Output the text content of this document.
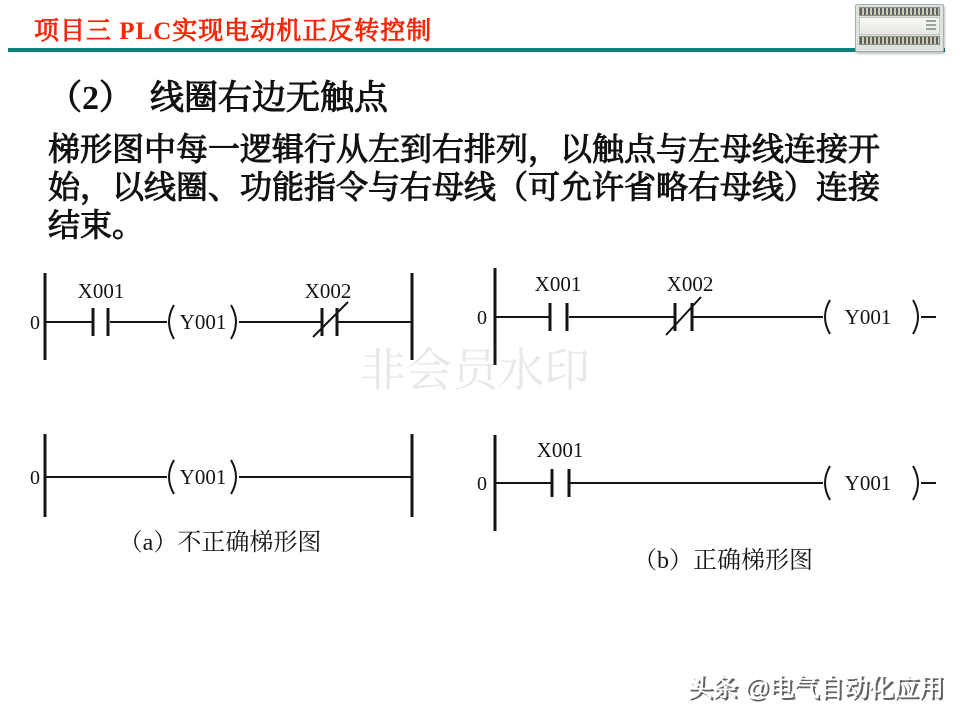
项目三 PLC实现电动机正反转控制
（2）　线圈右边无触点
梯形图中每一逻辑行从左到右排列，以触点与左母线连接开
始，以线圈、功能指令与右母线（可允许省略右母线）连接
结束。
0
X001
Y001
X002
0	Y001
（a）不正确梯形图
0
X001	X002
Y001
0
X001
Y001
（b）正确梯形图
非会员水印
头条 @电气自动化应用
